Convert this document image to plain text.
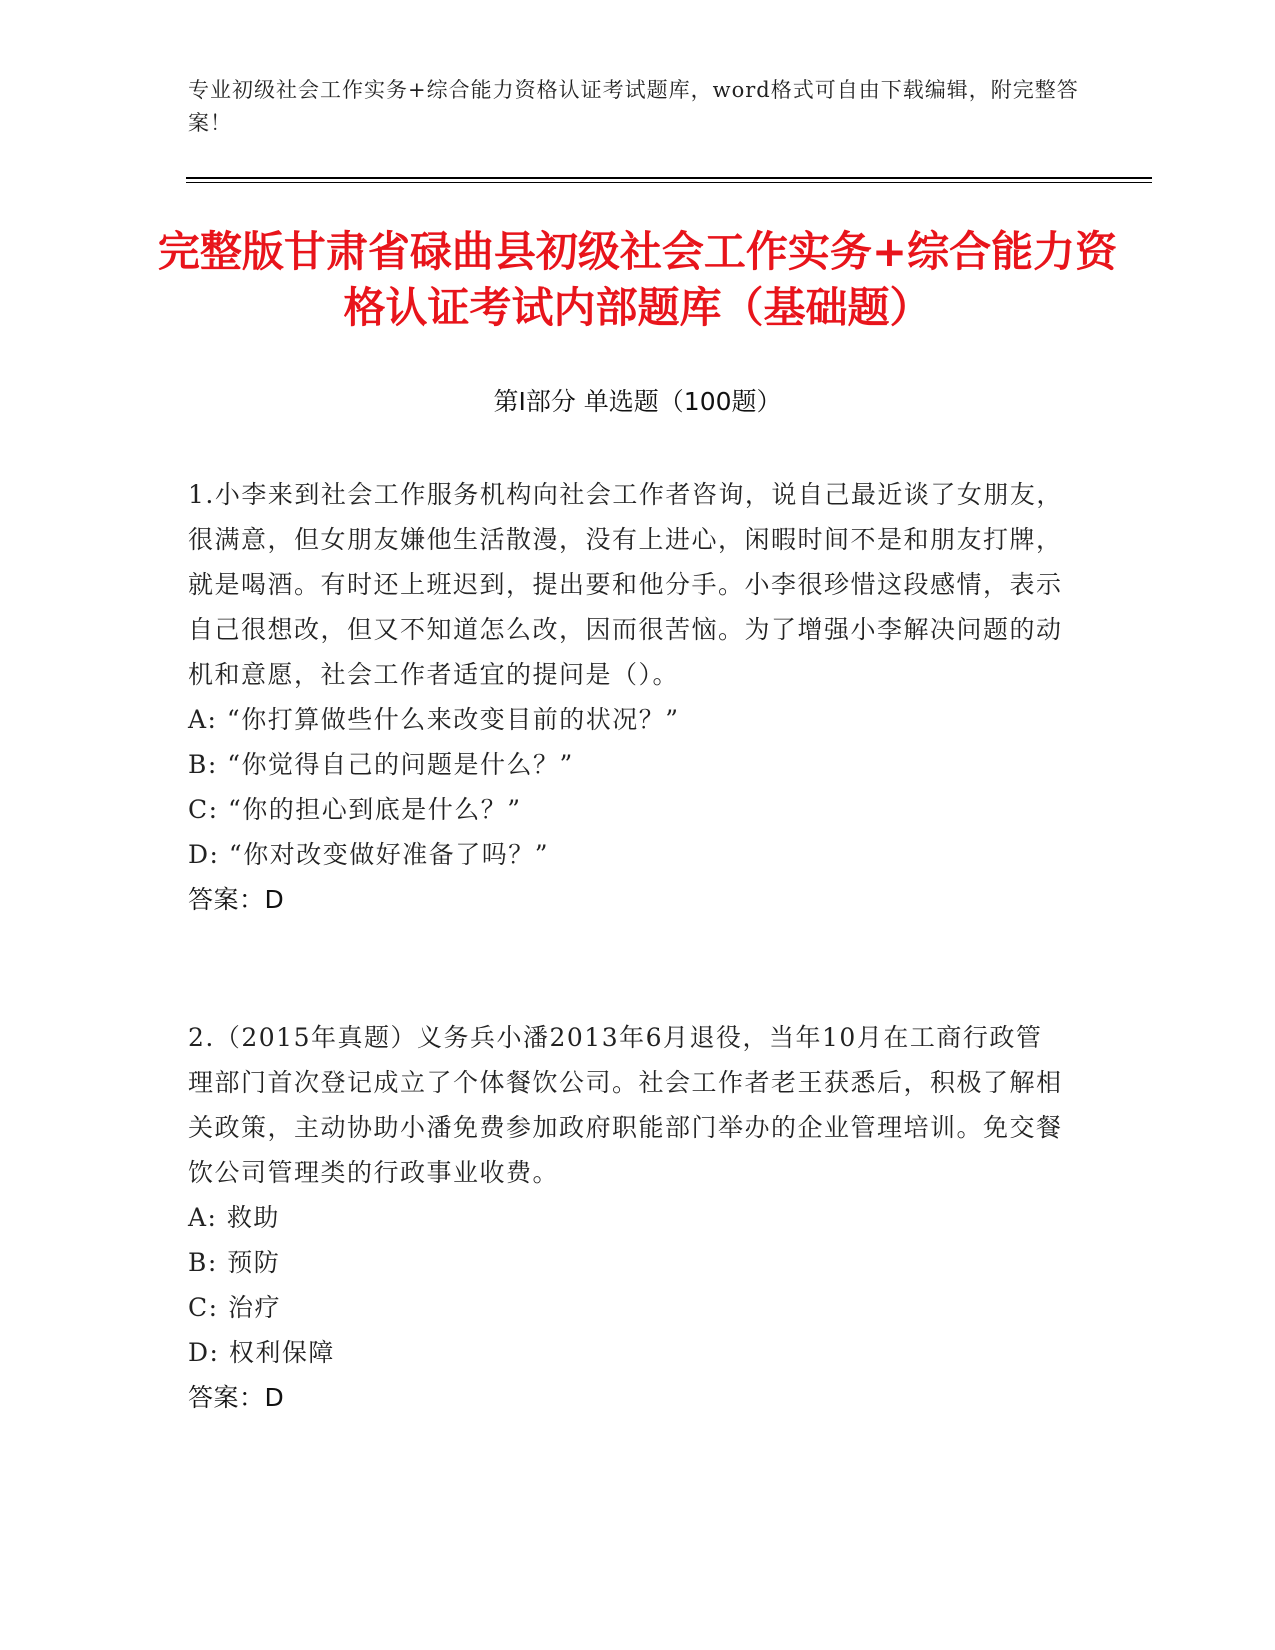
专业初级社会工作实务+综合能力资格认证考试题库，word格式可自由下载编辑，附完整答案！
完整版甘肃省碌曲县初级社会工作实务+综合能力资格认证考试内部题库（基础题）
第Ⅰ部分 单选题（100题）

1.小李来到社会工作服务机构向社会工作者咨询，说自己最近谈了女朋友，很满意，但女朋友嫌他生活散漫，没有上进心，闲暇时间不是和朋友打牌，就是喝酒。有时还上班迟到，提出要和他分手。小李很珍惜这段感情，表示自己很想改，但又不知道怎么改，因而很苦恼。为了增强小李解决问题的动机和意愿，社会工作者适宜的提问是（）。

A: “你打算做些什么来改变目前的状况？”

B: “你觉得自己的问题是什么？”

C: “你的担心到底是什么？”

D: “你对改变做好准备了吗？”

答案：D

2.（2015年真题）义务兵小潘2013年6月退役，当年10月在工商行政管理部门首次登记成立了个体餐饮公司。社会工作者老王获悉后，积极了解相关政策，主动协助小潘免费参加政府职能部门举办的企业管理培训。免交餐饮公司管理类的行政事业收费。

A: 救助

B: 预防

C: 治疗

D: 权利保障

答案：D
